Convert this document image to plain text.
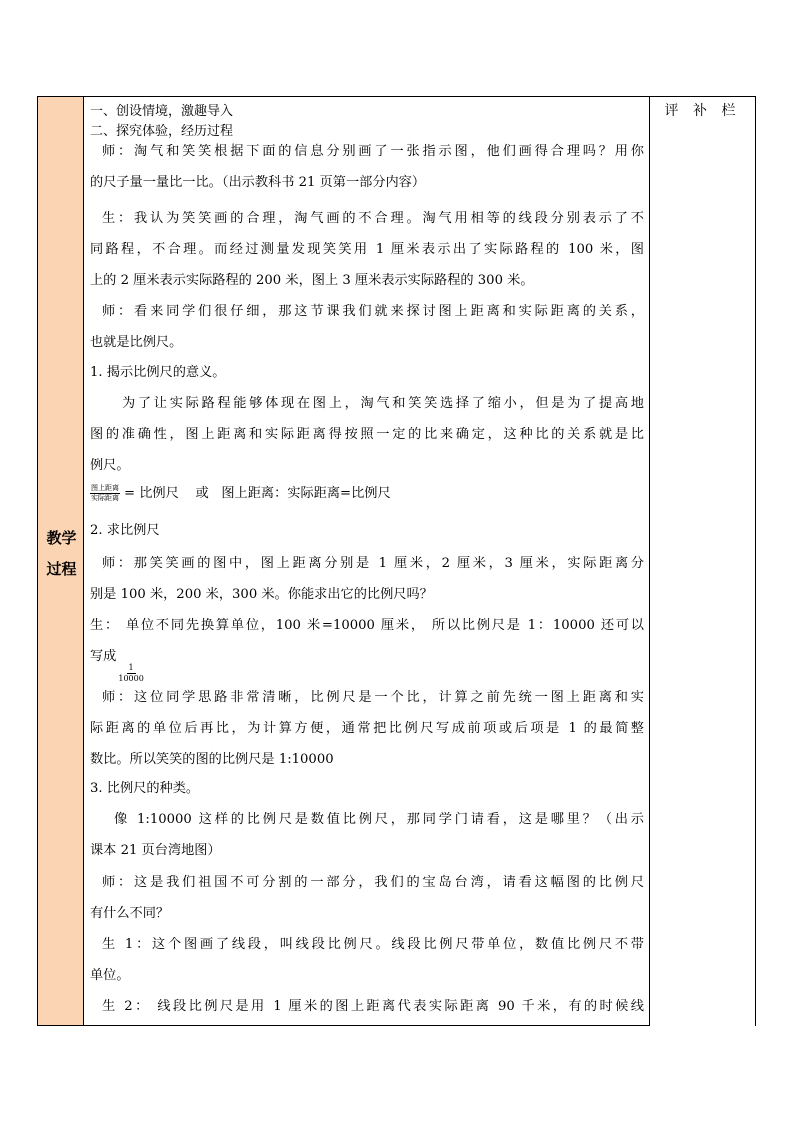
教学
过程
评 补 栏
一、创设情境，激趣导入
二、探究体验，经历过程
师：淘气和笑笑根据下面的信息分别画了一张指示图，他们画得合理吗？用你
的尺子量一量比一比。（出示教科书 21 页第一部分内容）
生：我认为笑笑画的合理，淘气画的不合理。淘气用相等的线段分别表示了不
同路程，不合理。而经过测量发现笑笑用 1 厘米表示出了实际路程的 100 米，图
上的 2 厘米表示实际路程的 200 米，图上 3 厘米表示实际路程的 300 米。
师：看来同学们很仔细，那这节课我们就来探讨图上距离和实际距离的关系，
也就是比例尺。
1. 揭示比例尺的意义。
为了让实际路程能够体现在图上，淘气和笑笑选择了缩小，但是为了提高地
图的准确性，图上距离和实际距离得按照一定的比来确定，这种比的关系就是比
例尺。
$\frac{\text{图上距离}}{\text{实际距离}}$ = 比例尺    或   图上距离：实际距离=比例尺
2. 求比例尺
师：那笑笑画的图中，图上距离分别是 1 厘米，2 厘米，3 厘米，实际距离分
别是 100 米，200 米，300 米。你能求出它的比例尺吗？
生： 单位不同先换算单位，100 米=10000 厘米， 所以比例尺是 1：10000 还可以
写成
$\frac{1}{10000}$
师：这位同学思路非常清晰，比例尺是一个比，计算之前先统一图上距离和实
际距离的单位后再比，为计算方便，通常把比例尺写成前项或后项是 1 的最简整
数比。所以笑笑的图的比例尺是 1:10000
3. 比例尺的种类。
像 1:10000 这样的比例尺是数值比例尺，那同学门请看，这是哪里？（出示
课本 21 页台湾地图）
师：这是我们祖国不可分割的一部分，我们的宝岛台湾，请看这幅图的比例尺
有什么不同？
生 1：这个图画了线段，叫线段比例尺。线段比例尺带单位，数值比例尺不带
单位。
生 2： 线段比例尺是用 1 厘米的图上距离代表实际距离 90 千米，有的时候线
